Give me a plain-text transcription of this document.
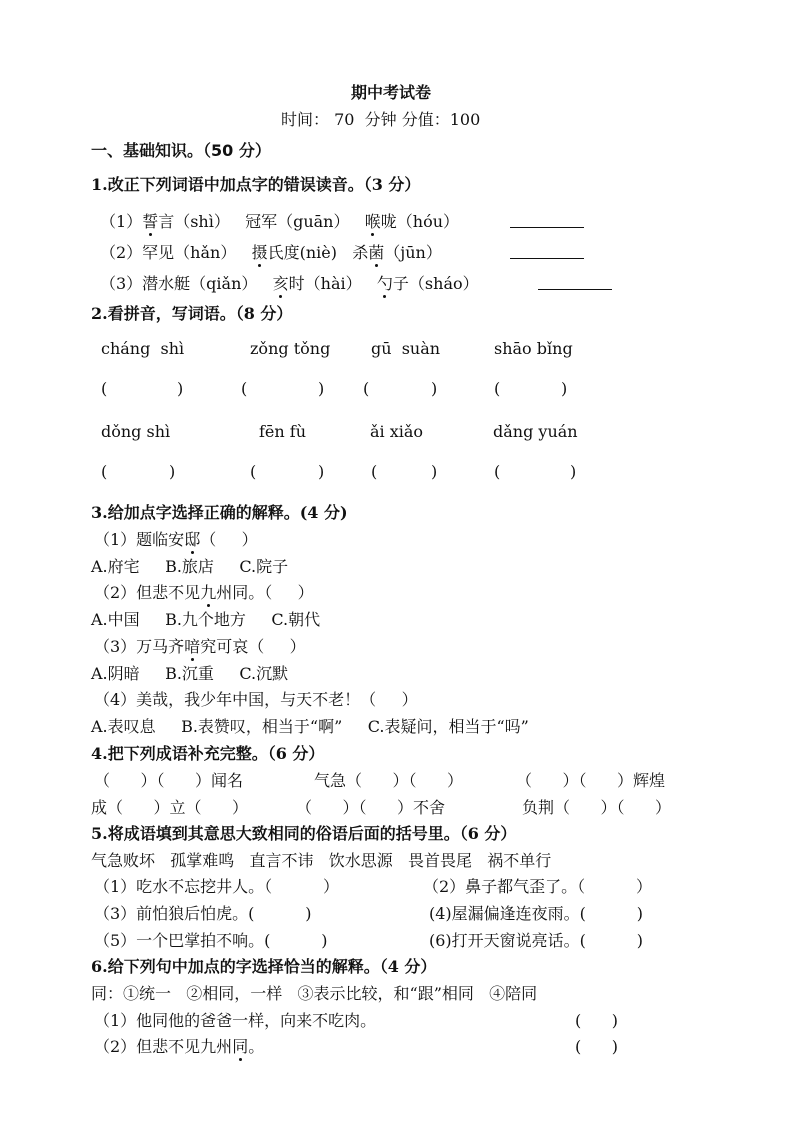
期中考试卷
时间： 70  分钟 分值：100
一、基础知识。（50 分）
1.改正下列词语中加点字的错误读音。（3 分）
（1）誓言（shì）   冠军（guān）   喉咙（hóu）
（2）罕见（hǎn）   摄氏度(niè)   杀菌（jūn）
（3）潜水艇（qiǎn）   亥时（hài）   勺子（sháo）
2.看拼音，写词语。（8 分）
cháng  shì	zǒng tǒng	gū  suàn	shāo bǐng
(	)	(	) (	)	(	)
dǒng shì	fēn fù	ǎi xiǎo	dǎng yuán
(	)	(	)	(	)	(	)
3.给加点字选择正确的解释。(4 分)
（1）题临安邸（     ）
A.府宅     B.旅店     C.院子
（2）但悲不见九州同。（     ）
A.中国     B.九个地方     C.朝代
（3）万马齐喑究可哀（     ）
A.阴暗     B.沉重     C.沉默
（4）美哉，我少年中国，与天不老！（     ）
A.表叹息     B.表赞叹，相当于“啊”     C.表疑问，相当于“吗”
4.把下列成语补充完整。（6 分）
（      ）（      ）闻名	气急（      ）（      ）	（      ）（      ）辉煌
成（      ）立（      ）	（      ）（      ）不舍	负荆（      ）（      ）
5.将成语填到其意思大致相同的俗语后面的括号里。（6 分）
气急败坏   孤掌难鸣   直言不讳   饮水思源   畏首畏尾   祸不单行
（1）吃水不忘挖井人。（          ）	（2）鼻子都气歪了。（          ）
（3）前怕狼后怕虎。(          )	(4)屋漏偏逢连夜雨。(          )
（5）一个巴掌拍不响。(          )	(6)打开天窗说亮话。(          )
6.给下列句中加点的字选择恰当的解释。（4 分）
同：①统一   ②相同，一样   ③表示比较，和“跟”相同   ④陪同
（1）他同他的爸爸一样，向来不吃肉。	(      )
（2）但悲不见九州同。	(      )
